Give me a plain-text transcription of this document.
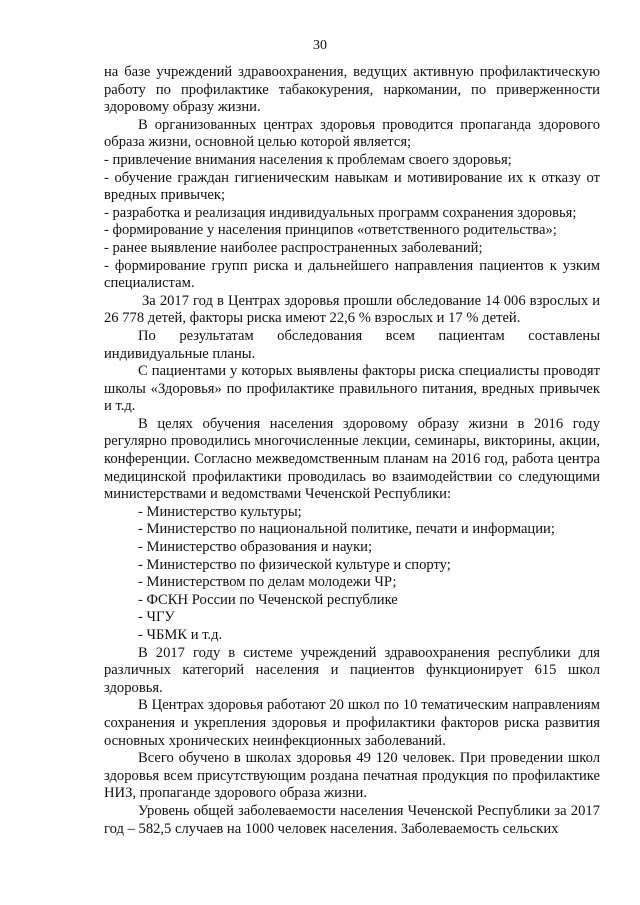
30

на базе учреждений здравоохранения, ведущих активную профилактическую работу по профилактике табакокурения, наркомании, по приверженности здоровому образу жизни.

В организованных центрах здоровья проводится пропаганда здорового образа жизни, основной целью которой является;

- привлечение внимания населения к проблемам своего здоровья;

- обучение граждан гигиеническим навыкам и мотивирование их к отказу от вредных привычек;

- разработка и реализация индивидуальных программ сохранения здоровья;

- формирование у населения принципов «ответственного родительства»;

- ранее выявление наиболее распространенных заболеваний;

- формирование групп риска и дальнейшего направления пациентов к узким специалистам.

За 2017 год в Центрах здоровья прошли обследование 14 006 взрослых и 26 778 детей, факторы риска имеют 22,6 % взрослых и 17 % детей.

По результатам обследования всем пациентам составлены индивидуальные планы.

С пациентами у которых выявлены факторы риска специалисты проводят школы «Здоровья» по профилактике правильного питания, вредных привычек и т.д.

В целях обучения населения здоровому образу жизни в 2016 году регулярно проводились многочисленные лекции, семинары, викторины, акции, конференции. Согласно межведомственным планам на 2016 год, работа центра медицинской профилактики проводилась во взаимодействии со следующими министерствами и ведомствами Чеченской Республики:

- Министерство культуры;

- Министерство по национальной политике, печати и информации;

- Министерство образования и науки;

- Министерство по физической культуре и спорту;

- Министерством по делам молодежи ЧР;

- ФСКН России по Чеченской республике

- ЧГУ

- ЧБМК и т.д.

В 2017 году в системе учреждений здравоохранения республики для различных категорий населения и пациентов функционирует 615 школ здоровья.

В Центрах здоровья работают 20 школ по 10 тематическим направлениям сохранения и укрепления здоровья и профилактики факторов риска развития основных хронических неинфекционных заболеваний.

Всего обучено в школах здоровья 49 120 человек. При проведении школ здоровья всем присутствующим роздана печатная продукция по профилактике НИЗ, пропаганде здорового образа жизни.

Уровень общей заболеваемости населения Чеченской Республики за 2017 год – 582,5 случаев на 1000 человек населения. Заболеваемость сельских
